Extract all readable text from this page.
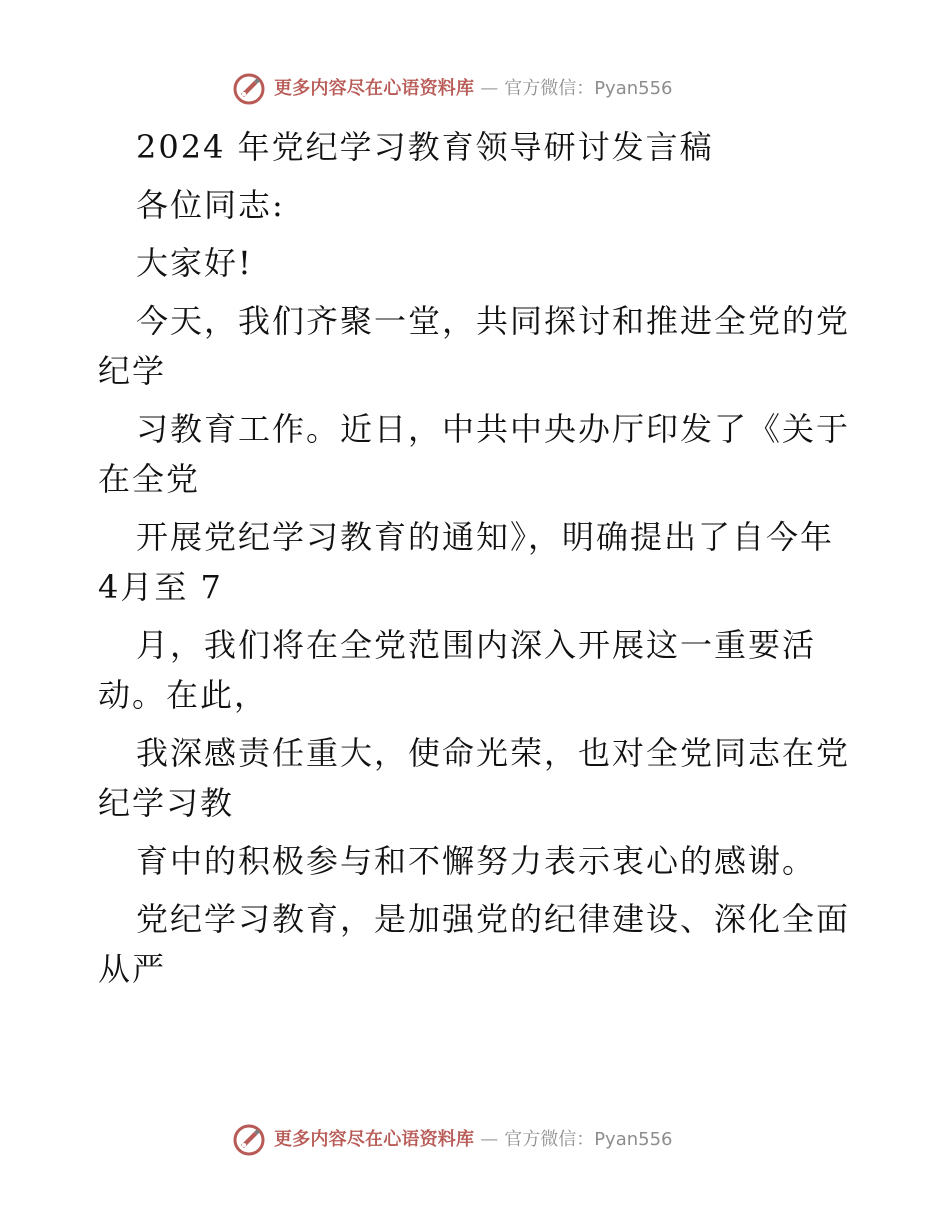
更多内容尽在心语资料库 — 官方微信：Pyan556
2024 年党纪学习教育领导研讨发言稿
各位同志:
大家好!
今天，我们齐聚一堂，共同探讨和推进全党的党
纪学
习教育工作。近日，中共中央办厅印发了《关于
在全党
开展党纪学习教育的通知》，明确提出了自今年
4月至 7
月，我们将在全党范围内深入开展这一重要活
动。在此，
我深感责任重大，使命光荣，也对全党同志在党
纪学习教
育中的积极参与和不懈努力表示衷心的感谢。
党纪学习教育，是加强党的纪律建设、深化全面
从严
更多内容尽在心语资料库 — 官方微信：Pyan556
